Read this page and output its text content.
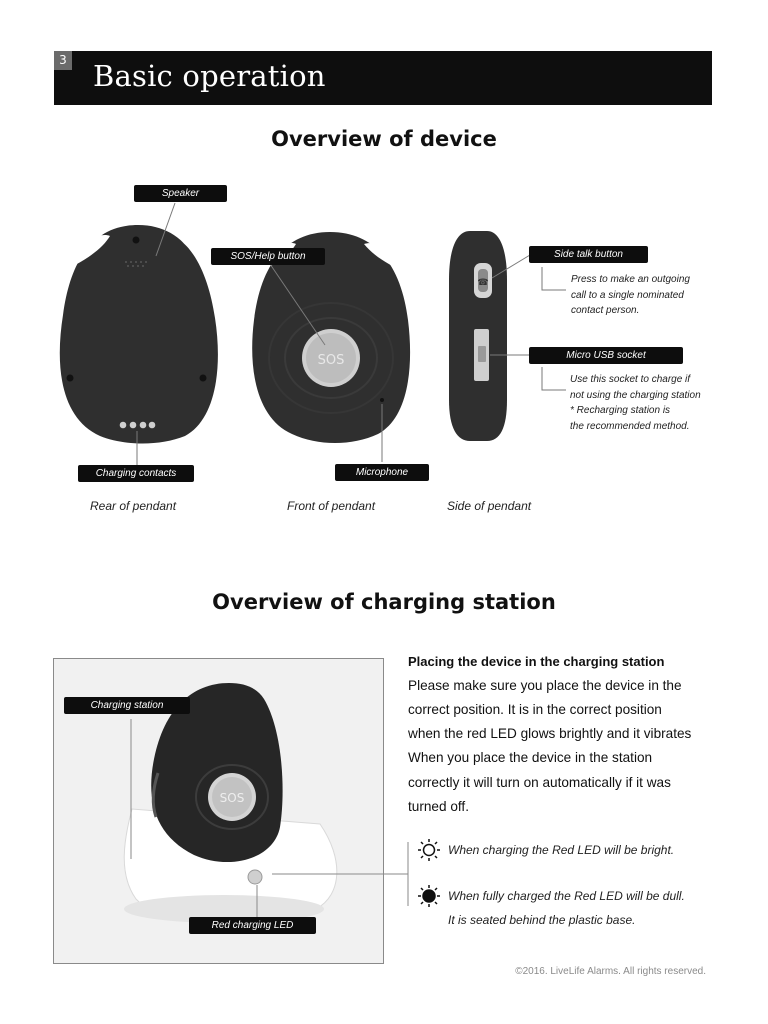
3 Basic operation
Overview of device
☎
SOS
Speaker
SOS/Help button	Side talk button
Micro USB socket
Charging contacts	Microphone
Press to make an outgoing
call to a single nominated
contact person.
Use this socket to charge if
not using the charging station
* Recharging station is
the recommended method.
Rear of pendant	Front of pendant	Side of pendant
Overview of charging station
SOS
Charging station
Red charging LED
Placing the device in the charging station
Please make sure you place the device in the
correct position. It is in the correct position
when the red LED glows brightly and it vibrates
When you place the device in the station
correctly it will turn on automatically if it was
turned off.
When charging the Red LED will be bright.
When fully charged the Red LED will be dull.
It is seated behind the plastic base.
©2016. LiveLife Alarms. All rights reserved.
